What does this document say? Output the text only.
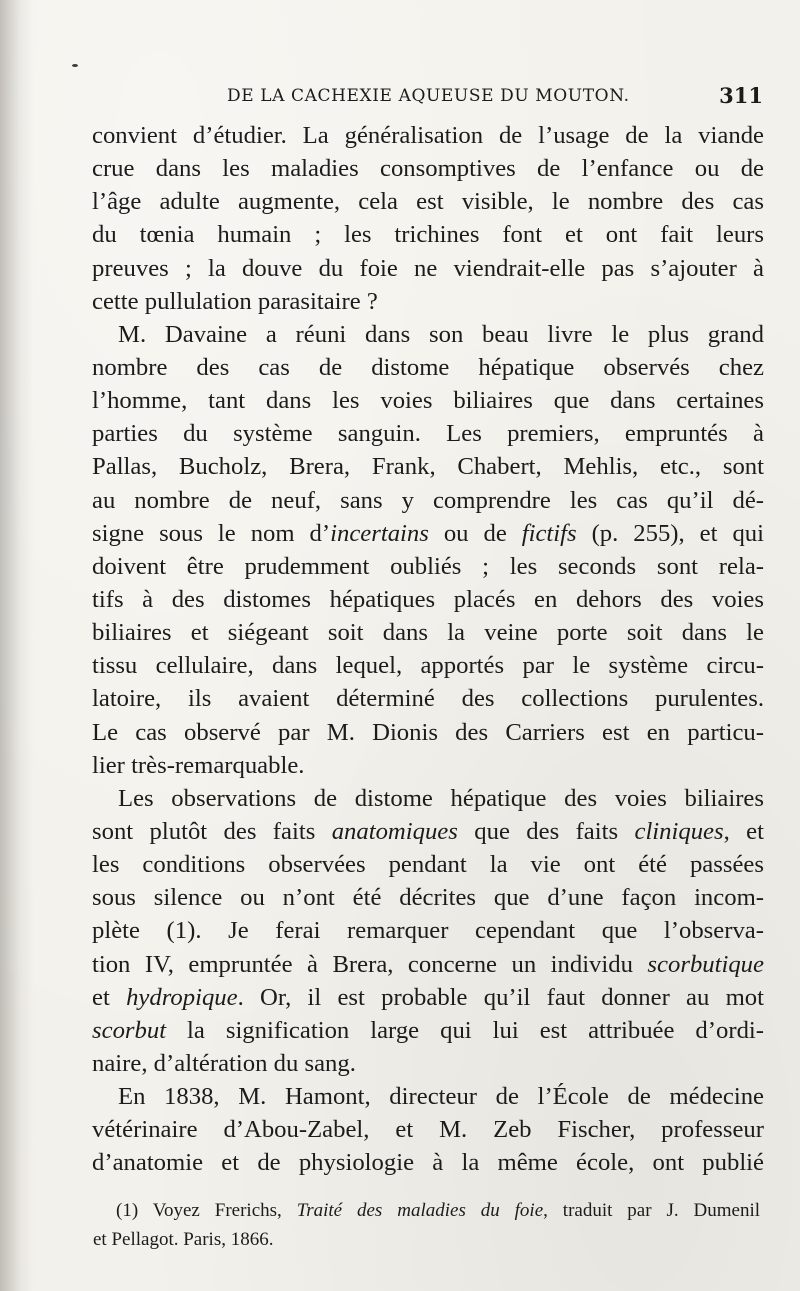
DE LA CACHEXIE AQUEUSE DU MOUTON.	311
convient d’étudier. La généralisation de l’usage de la viande
crue dans les maladies consomptives de l’enfance ou de
l’âge adulte augmente, cela est visible, le nombre des cas
du tœnia humain ; les trichines font et ont fait leurs
preuves ; la douve du foie ne viendrait-elle pas s’ajouter à
cette pullulation parasitaire ?
M. Davaine a réuni dans son beau livre le plus grand
nombre des cas de distome hépatique observés chez
l’homme, tant dans les voies biliaires que dans certaines
parties du système sanguin. Les premiers, empruntés à
Pallas, Bucholz, Brera, Frank, Chabert, Mehlis, etc., sont
au nombre de neuf, sans y comprendre les cas qu’il dé-
signe sous le nom d’incertains ou de fictifs (p. 255), et qui
doivent être prudemment oubliés ; les seconds sont rela-
tifs à des distomes hépatiques placés en dehors des voies
biliaires et siégeant soit dans la veine porte soit dans le
tissu cellulaire, dans lequel, apportés par le système circu-
latoire, ils avaient déterminé des collections purulentes.
Le cas observé par M. Dionis des Carriers est en particu-
lier très-remarquable.
Les observations de distome hépatique des voies biliaires
sont plutôt des faits anatomiques que des faits cliniques, et
les conditions observées pendant la vie ont été passées
sous silence ou n’ont été décrites que d’une façon incom-
plète (1). Je ferai remarquer cependant que l’observa-
tion IV, empruntée à Brera, concerne un individu scorbutique
et hydropique. Or, il est probable qu’il faut donner au mot
scorbut la signification large qui lui est attribuée d’ordi-
naire, d’altération du sang.
En 1838, M. Hamont, directeur de l’École de médecine
vétérinaire d’Abou-Zabel, et M. Zeb Fischer, professeur
d’anatomie et de physiologie à la même école, ont publié
(1) Voyez Frerichs, Traité des maladies du foie, traduit par J. Dumenil
et Pellagot. Paris, 1866.
